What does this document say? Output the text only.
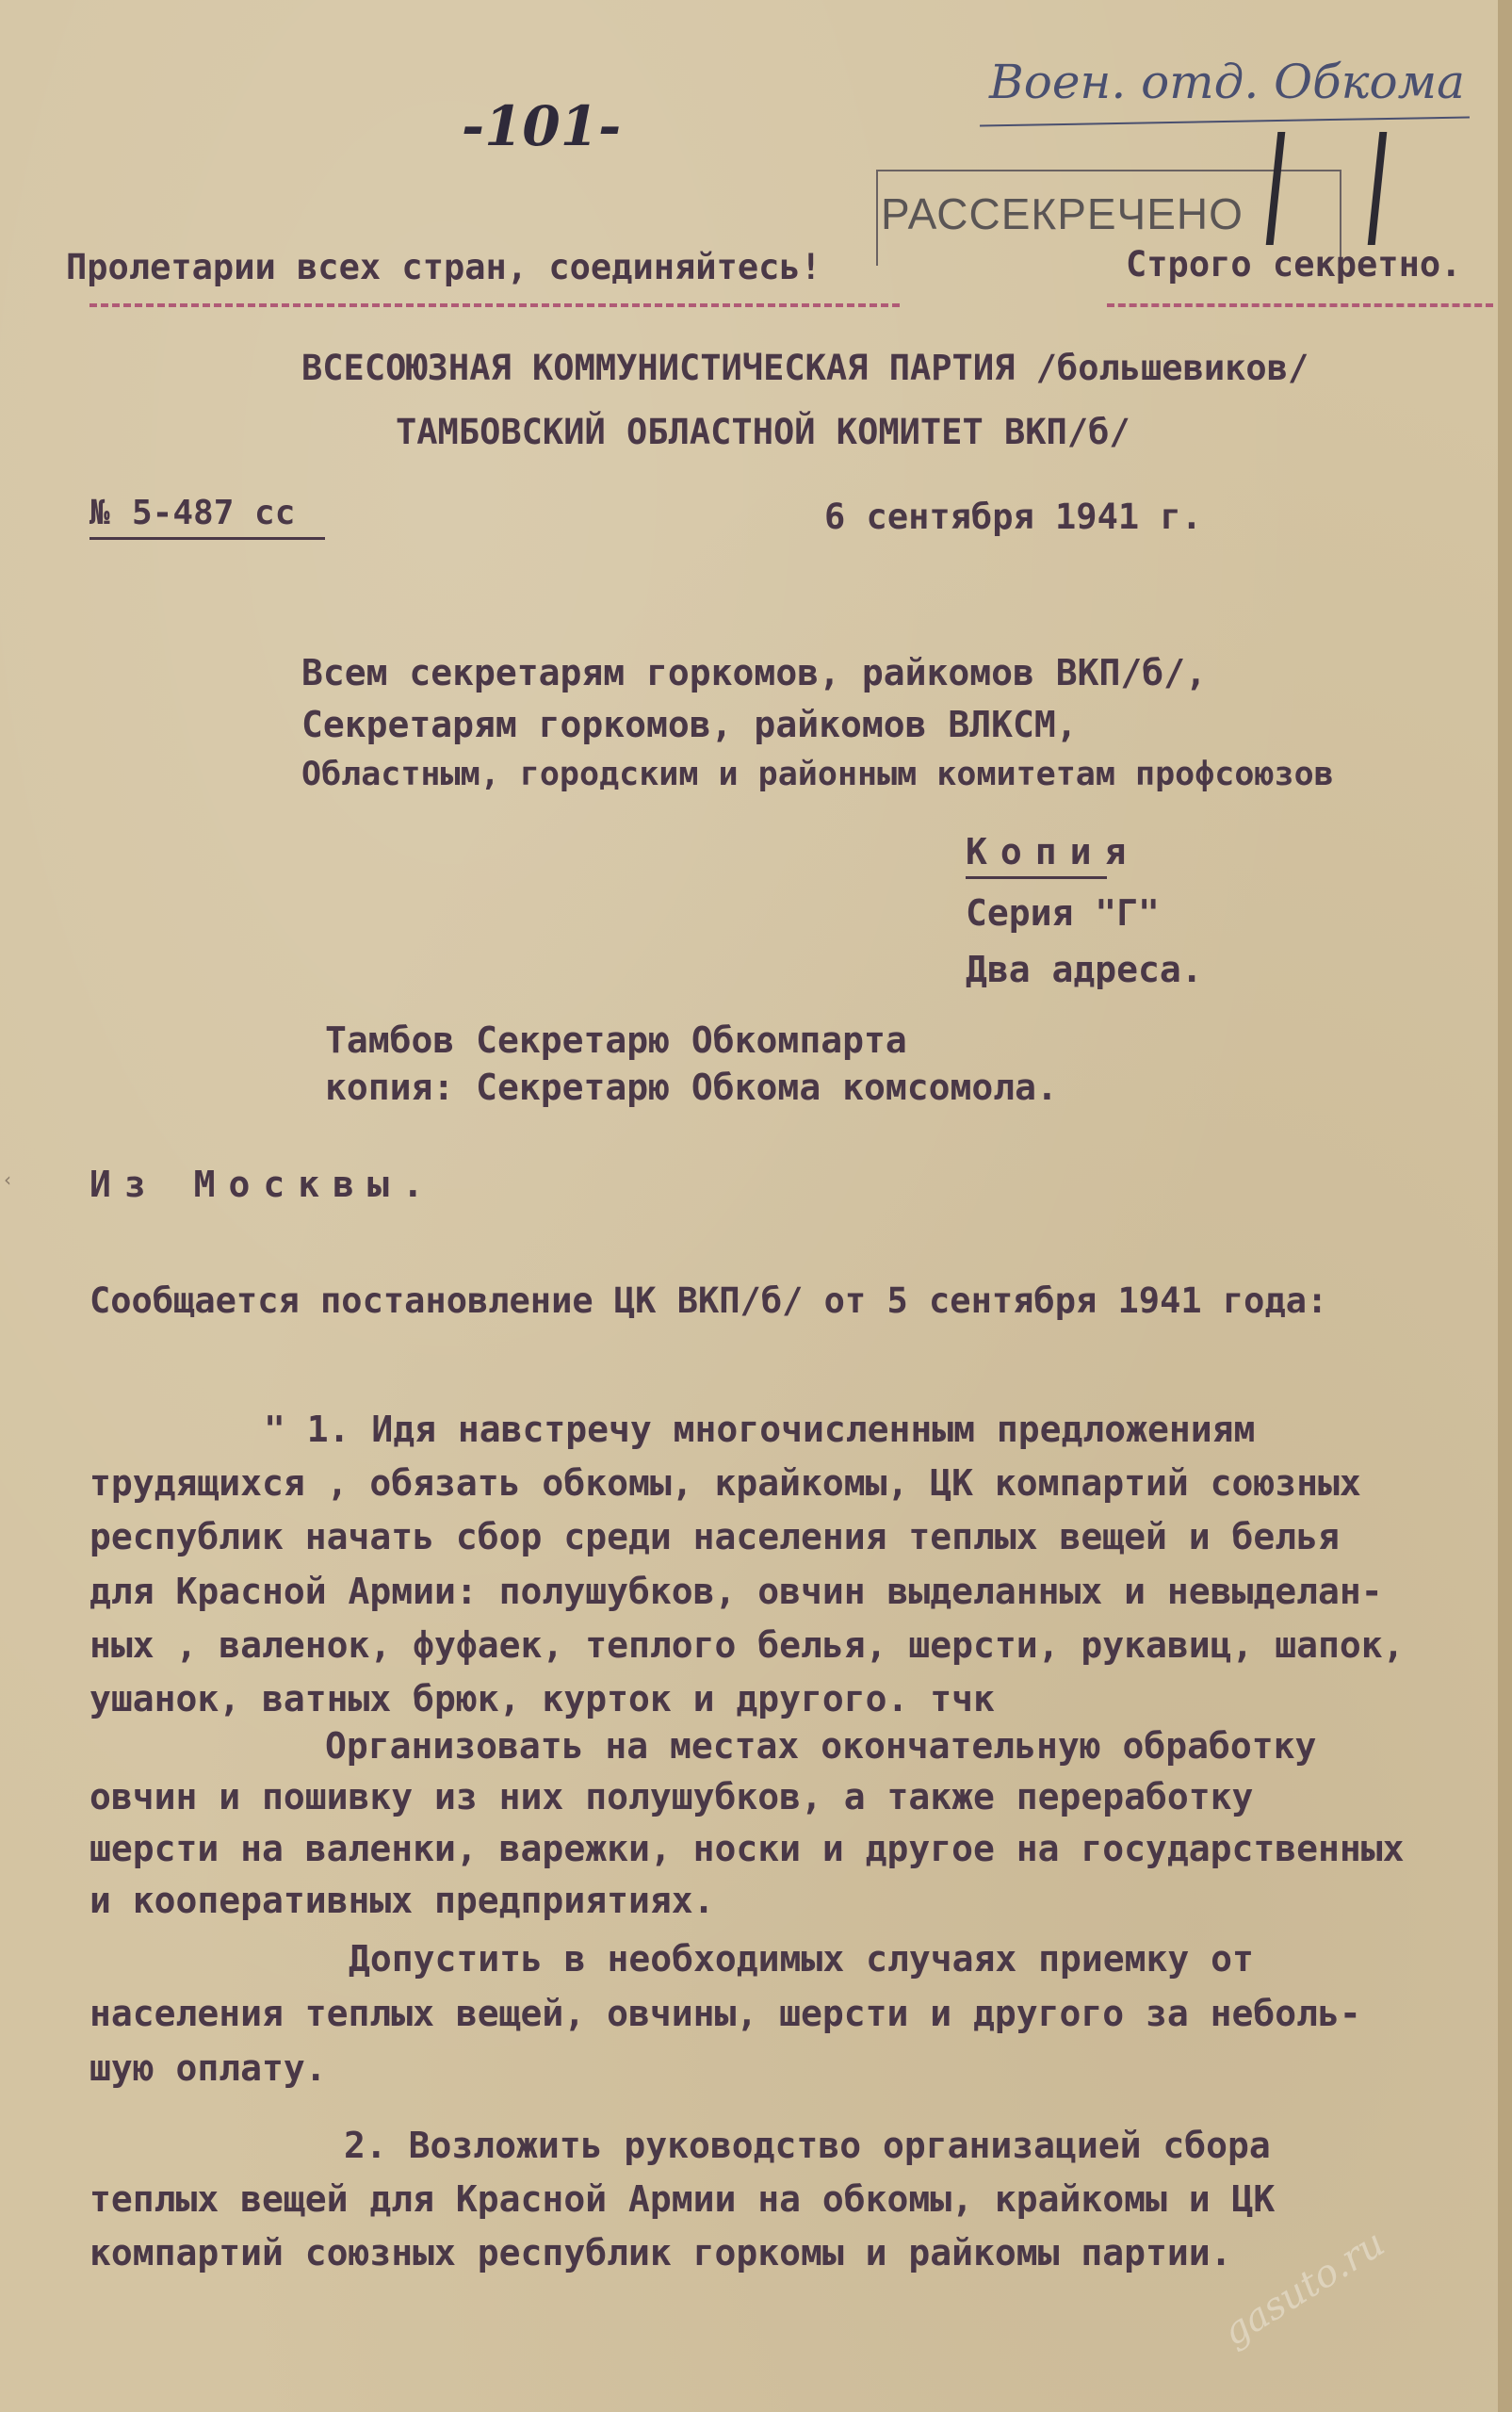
-101-
Воен. отд. Обкома
РАССЕКРЕЧЕНО
Пролетарии всех стран, соединяйтесь!	Строго секретно.
ВСЕСОЮЗНАЯ КОММУНИСТИЧЕСКАЯ ПАРТИЯ /большевиков/
ТАМБОВСКИЙ ОБЛАСТНОЙ КОМИТЕТ ВКП/б/
№ 5-487 сс	6 сентября 1941 г.
Всем секретарям горкомов, райкомов ВКП/б/,
Секретарям горкомов, райкомов ВЛКСМ,
Областным, городским и районным комитетам профсоюзов
Копия
Серия "Г"
Два адреса.
Тамбов Секретарю Обкомпарта
копия: Секретарю Обкома комсомола.
Из Москвы.
Сообщается постановление ЦК ВКП/б/ от 5 сентября 1941 года:
" 1. Идя навстречу многочисленным предложениям
трудящихся , обязать обкомы, крайкомы, ЦК компартий союзных
республик начать сбор среди населения теплых вещей и белья
для Красной Армии: полушубков, овчин выделанных и невыделан-
ных , валенок, фуфаек, теплого белья, шерсти, рукавиц, шапок,
ушанок, ватных брюк, курток и другого. тчк
Организовать на местах окончательную обработку
овчин и пошивку из них полушубков, а также переработку
шерсти на валенки, варежки, носки и другое на государственных
и кооперативных предприятиях.
Допустить в необходимых случаях приемку от
населения теплых вещей, овчины, шерсти и другого за неболь-
шую оплату.
2. Возложить руководство организацией сбора
теплых вещей для Красной Армии на обкомы, крайкомы и ЦК
компартий союзных республик горкомы и райкомы партии.
‹
gasuto.ru
